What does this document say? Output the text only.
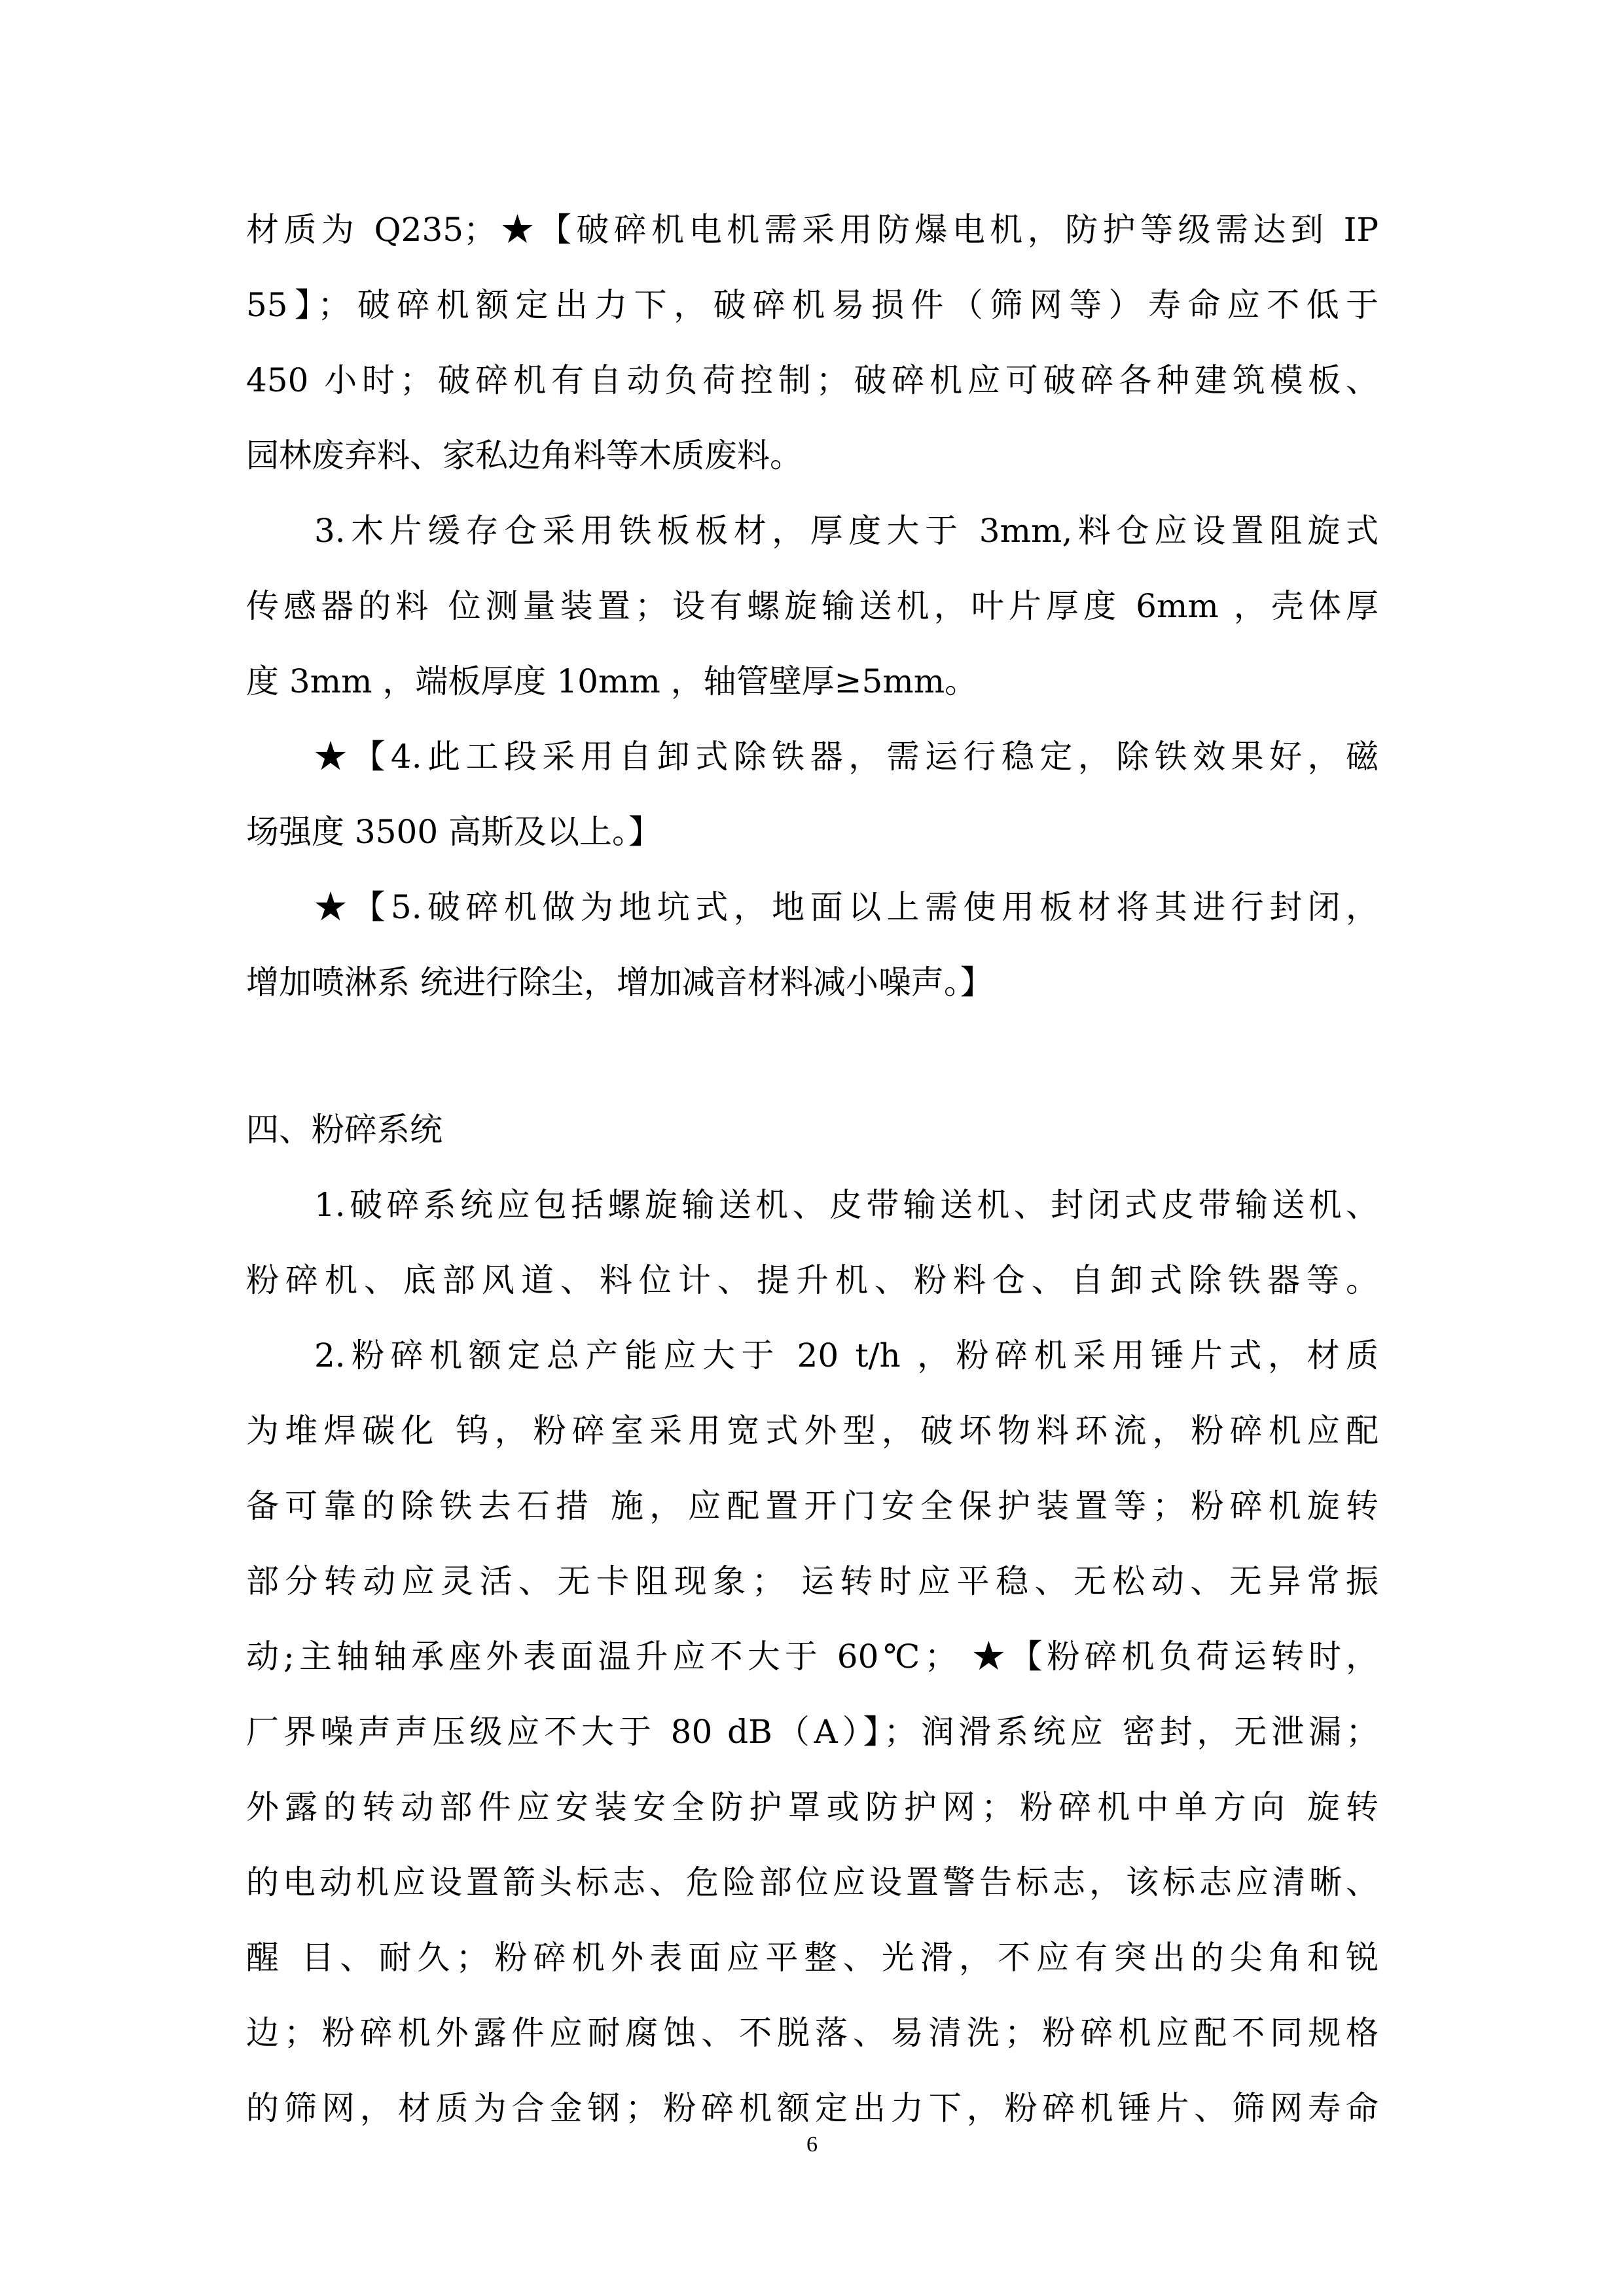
材质为 Q235；★【破碎机电机需采用防爆电机，防护等级需达到 IP
55】；破碎机额定出力下，破碎机易损件（筛网等）寿命应不低于
450 小时；破碎机有自动负荷控制；破碎机应可破碎各种建筑模板、
园林废弃料、家私边角料等木质废料。
3.木片缓存仓采用铁板板材，厚度大于 3mm,料仓应设置阻旋式
传感器的料 位测量装置；设有螺旋输送机，叶片厚度 6mm ，壳体厚
度 3mm ，端板厚度 10mm ，轴管壁厚≥5mm。
★【4.此工段采用自卸式除铁器，需运行稳定，除铁效果好，磁
场强度 3500 高斯及以上。】
★【5.破碎机做为地坑式，地面以上需使用板材将其进行封闭，
增加喷淋系 统进行除尘，增加减音材料减小噪声。】
四、粉碎系统
1.破碎系统应包括螺旋输送机、皮带输送机、封闭式皮带输送机、
粉碎机、底部风道、料位计、提升机、粉料仓、自卸式除铁器等。
2.粉碎机额定总产能应大于 20 t/h ，粉碎机采用锤片式，材质
为堆焊碳化 钨，粉碎室采用宽式外型，破坏物料环流，粉碎机应配
备可靠的除铁去石措 施，应配置开门安全保护装置等；粉碎机旋转
部分转动应灵活、无卡阻现象； 运转时应平稳、无松动、无异常振
动;主轴轴承座外表面温升应不大于 60℃； ★【粉碎机负荷运转时，
厂界噪声声压级应不大于 80 dB（A）】；润滑系统应 密封，无泄漏；
外露的转动部件应安装安全防护罩或防护网；粉碎机中单方向 旋转
的电动机应设置箭头标志、危险部位应设置警告标志，该标志应清晰、
醒 目、耐久；粉碎机外表面应平整、光滑，不应有突出的尖角和锐
边；粉碎机外露件应耐腐蚀、不脱落、易清洗；粉碎机应配不同规格
的筛网，材质为合金钢；粉碎机额定出力下，粉碎机锤片、筛网寿命
6
